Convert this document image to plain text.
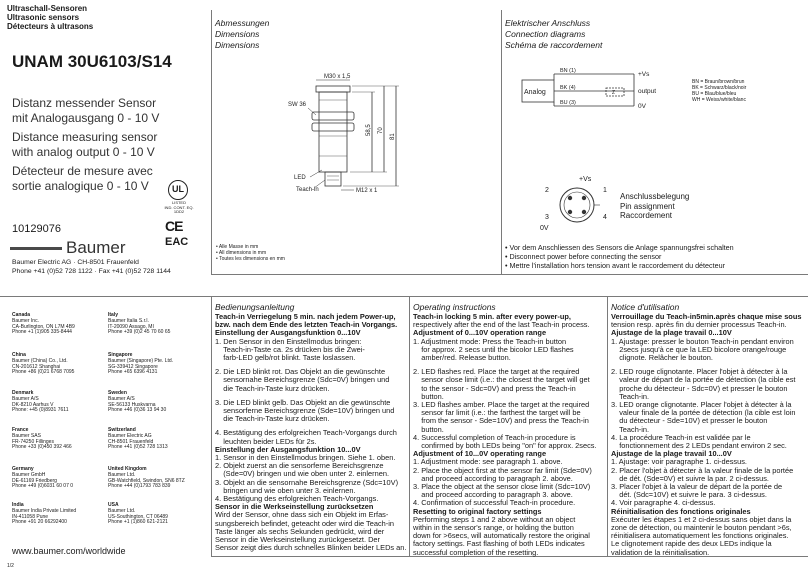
Ultraschall-Sensoren
Ultrasonic sensors
Détecteurs à ultrasons
UNAM 30U6103/S14
Distanz messender Sensor
mit Analogausgang 0 - 10 V
Distance measuring sensor
with analog output 0 - 10 V
Détecteur de mesure avec
sortie analogique 0 - 10 V	UL
LISTED
IND. CONT. EQ.
1DD2
CE
EAC
10129076
Baumer
Baumer Electric AG · CH-8501 Frauenfeld
Phone +41 (0)52 728 1122 · Fax +41 (0)52 728 1144
Abmessungen
Dimensions
Dimensions
M30 x 1,5
SW 36
LED
Teach-in	M12 x 1
58,5 70
81
• Alle Masse in mm
• All dimensions in mm
• Toutes les dimensions en mm
Elektrischer Anschluss
Connection diagrams
Schéma de raccordement
Analog
BN (1)
BK (4)
BU (3)
Z
+Vs
output
0V
BN = Braun/brown/brun
BK = Schwarz/black/noir
BU = Blau/blue/bleu
WH = Weiss/white/blanc
+Vs
2	1
3	4
0V
Anschlussbelegung
Pin assignment
Raccordement
• Vor dem Anschliessen des Sensors die Anlage spannungsfrei schalten
• Disconnect power before connecting the sensor
• Mettre l'installation hors tension avant le raccordement du détecteur
Canada
Baumer Inc.
CA-Burlington, ON L7M 4B9
Phone +1 (1)905 335-8444
Italy
Baumer Italia S.r.l.
IT-20090 Assago, MI
Phone +39 (0)2 45 70 60 65
China
Baumer (China) Co., Ltd.
CN-201612 Shanghai
Phone +86 (0)21 6768 7095
Singapore
Baumer (Singapore) Pte. Ltd.
SG-339412 Singapore
Phone +65 6396 4131
Denmark
Baumer A/S
DK-8210 Aarhus V
Phone: +45 (0)8931 7611
Sweden
Baumer A/S
SE-56133 Huskvarna
Phone +46 (0)36 13 94 30
France
Baumer SAS
FR-74250 Fillinges
Phone +33 (0)450 392 466
Switzerland
Baumer Electric AG
CH-8501 Frauenfeld
Phone +41 (0)52 728 1313
Germany
Baumer GmbH
DE-61169 Friedberg
Phone +49 (0)6031 60 07 0
United Kingdom
Baumer Ltd.
GB-Watchfield, Swindon, SN6 8TZ
Phone +44 (0)1793 783 839
India
Baumer India Private Limited
IN-411058 Pune
Phone +91 20 66292400
USA
Baumer Ltd.
US-Southington, CT 06489
Phone +1 (1)860 621-2121
www.baumer.com/worldwide
1/2
Bedienungsanleitung
Teach-in Verriegelung 5 min. nach jedem Power-up,
bzw. nach dem Ende des letzten Teach-in Vorgangs.
Einstellung der Ausgangsfunktion 0...10V
1. Den Sensor in den Einstellmodus bringen:
Teach-in-Taste ca. 2s drücken bis die Zwei-
farb-LED gelb/rot blinkt. Taste loslassen.
2. Die LED blinkt rot. Das Objekt an die gewünschte
sensornahe Bereichsgrenze (Sdc=0V) bringen und
die Teach-in-Taste kurz drücken.
3. Die LED blinkt gelb. Das Objekt an die gewünschte
sensorferne Bereichsgrenze (Sde=10V) bringen und
die Teach-in-Taste kurz drücken.
4. Bestätigung des erfolgreichen Teach-Vorgangs durch
leuchten beider LEDs für 2s.
Einstellung der Ausgangsfunktion 10...0V
1. Sensor in den Einstellmodus bringen. Siehe 1. oben.
2. Objekt zuerst an die sensorferne Bereichsgrenze
(Sde=0V) bringen und wie oben unter 2. einlernen.
3. Objekt an die sensornahe Bereichsgrenze (Sdc=10V)
bringen und wie oben unter 3. einlernen.
4. Bestätigung des erfolgreichen Teach-Vorgangs.
Sensor in die Werkseinstellung zurücksetzen
Wird der Sensor, ohne dass sich ein Objekt im Erfas-
sungsbereich befindet, geteacht oder wird die Teach-in
Taste länger als sechs Sekunden gedrückt, wird der
Sensor in die Werkseinstellung zurückgesetzt. Der
Sensor zeigt dies durch schnelles Blinken beider LEDs an.
Operating instructions
Teach-in locking 5 min. after every power-up,
respectively after the end of the last Teach-in process.
Adjustment of 0...10V operation range
1. Adjustment mode: Press the Teach-in button
for approx. 2 secs until the bicolor LED flashes
amber/red. Release button.
2. LED flashes red. Place the target at the required
sensor close limit (i.e.: the closest the target will get
to the sensor - Sdc=0V) and press the Teach-in
button.
3. LED flashes amber. Place the target at the required
sensor far limit (i.e.: the farthest the target will be
from the sensor - Sde=10V) and press the Teach-in
button.
4. Successful completion of Teach-in procedure is
confirmed by both LEDs being "on" for approx. 2secs.
Adjustment of 10...0V operating range
1. Adjustment mode: see paragraph 1. above.
2. Place the object first at the sensor far limit (Sde=0V)
and proceed according to paragraph 2. above.
3. Place the object at the sensor close limit (Sdc=10V)
and proceed according to paragraph 3. above.
4. Confirmation of successful Teach-in procedure.
Resetting to original factory settings
Performing steps 1 and 2 above without an object
within in the sensor's range, or holding the button
down for >6secs, will automatically restore the original
factory settings. Fast flashing of both LEDs indicates
successful completion of the resetting.
Notice d'utilisation
Verrouillage du Teach-in5min.après chaque mise sous
tension resp. après fin du dernier processus Teach-in.
Ajustage de la plage travail 0...10V
1. Ajustage: presser le bouton Teach-in pendant environ
2secs jusqu'à ce que la LED bicolore orange/rouge
clignote. Relâcher le bouton.
2. LED rouge clignotante. Placer l'objet à détecter à la
valeur de départ de la portée de détection (la cible est
proche du détecteur - Sdc=0V) et presser le bouton
Teach-in.
3. LED orange clignotante. Placer l'objet à détecter à la
valeur finale de la portée de détection (la cible est loin
du détecteur - Sde=10V) et presser le bouton
Teach-in.
4. La procédure Teach-in est validée par le
fonctionnement des 2 LEDs pendant environ 2 sec.
Ajustage de la plage travail 10...0V
1. Ajustage: voir paragraphe 1. ci-dessus.
2. Placer l'objet à détecter à la valeur finale de la portée
de dét. (Sde=0V) et suivre la par. 2 ci-dessus.
3. Placer l'objet à la valeur de départ de la portée de
dét. (Sdc=10V) et suivre le para. 3 ci-dessus.
4. Voir paragraphe 4. ci-dessus.
Réinitialisation des fonctions originales
Exécuter les étapes 1 et 2 ci-dessus sans objet dans la
zone de détection, ou maintenir le bouton pendant >6s,
réinitialisera automatiquement les fonctions originales.
Le clignotement rapide des deux LEDs indique la
validation de la réinitialisation.
